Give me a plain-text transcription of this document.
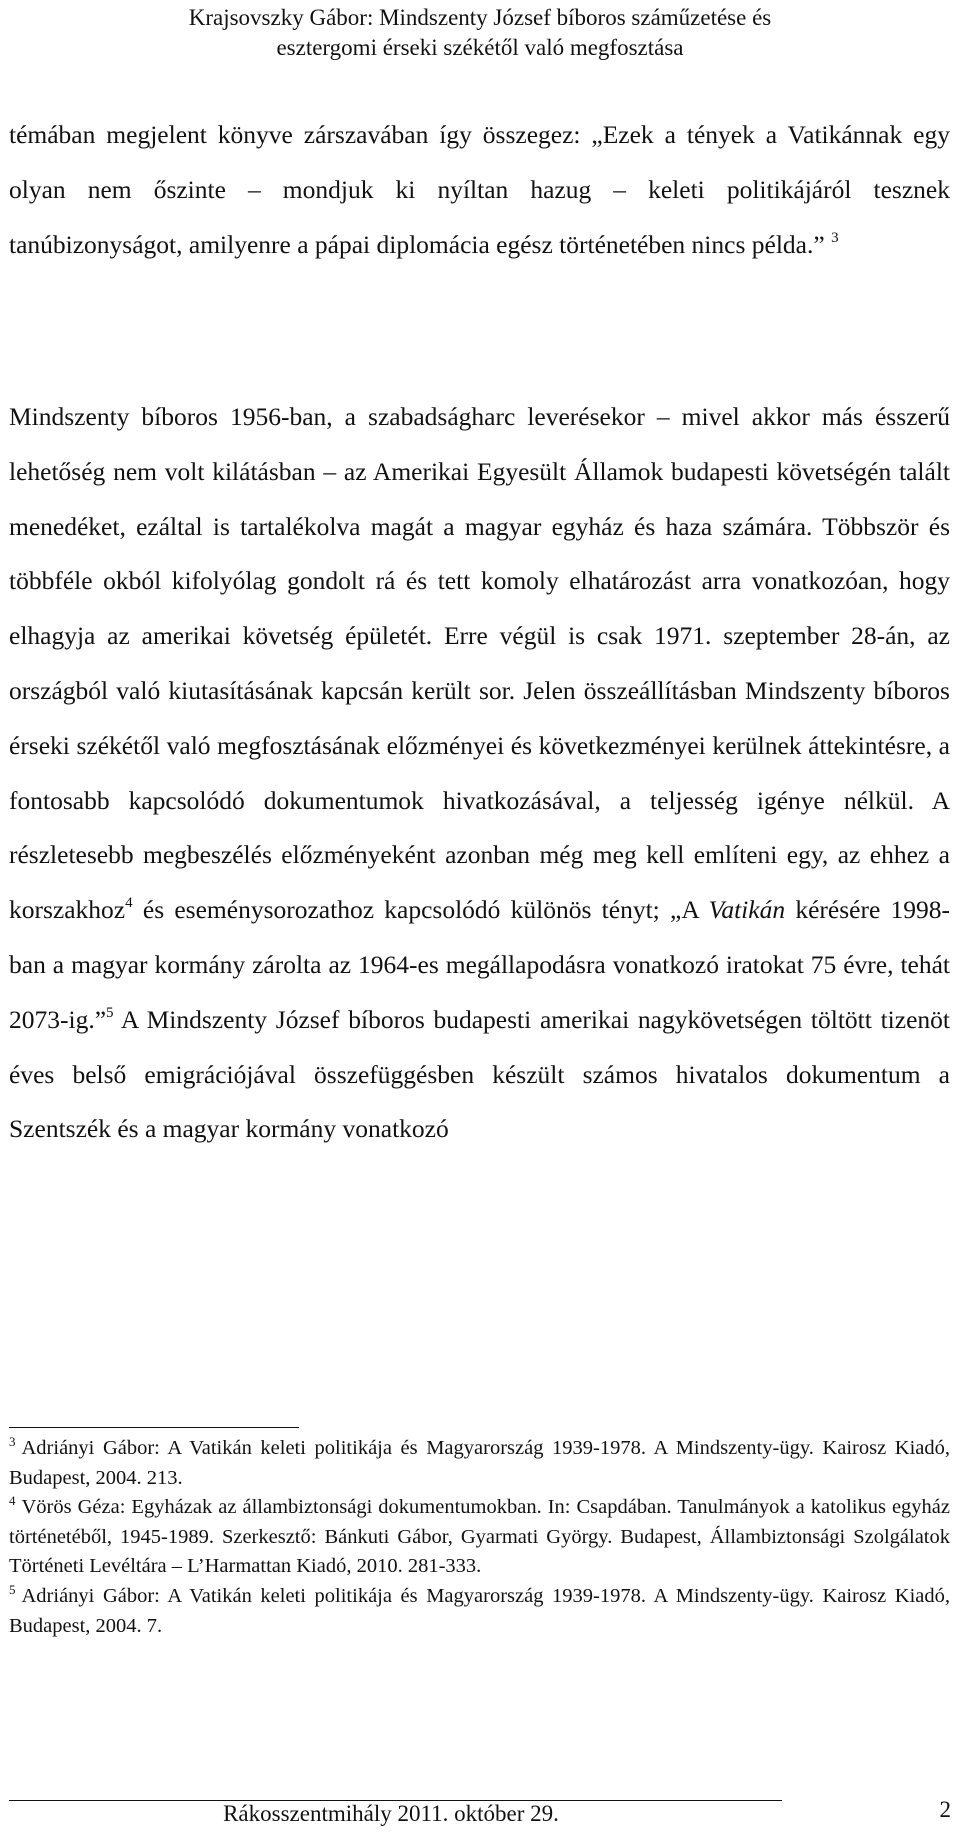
Krajsovszky Gábor: Mindszenty József bíboros száműzetése és
esztergomi érseki székétől való megfosztása
témában megjelent könyve zárszavában így összegez: „Ezek a tények a Vatikánnak egy olyan nem őszinte – mondjuk ki nyíltan hazug – keleti politikájáról tesznek tanúbizonyságot, amilyenre a pápai diplomácia egész történetében nincs példa.” $^3$
Mindszenty bíboros 1956-ban, a szabadságharc leverésekor – mivel akkor más ésszerű lehetőség nem volt kilátásban – az Amerikai Egyesült Államok budapesti követségén talált menedéket, ezáltal is tartalékolva magát a magyar egyház és haza számára. Többször és többféle okból kifolyólag gondolt rá és tett komoly elhatározást arra vonatkozóan, hogy elhagyja az amerikai követség épületét. Erre végül is csak 1971. szeptember 28-án, az országból való kiutasításának kapcsán került sor. Jelen összeállításban Mindszenty bíboros érseki székétől való megfosztásának előzményei és következményei kerülnek áttekintésre, a fontosabb kapcsolódó dokumentumok hivatkozásával, a teljesség igénye nélkül. A részletesebb megbeszélés előzményeként azonban még meg kell említeni egy, az ehhez a korszakhoz$^4$ és eseménysorozathoz kapcsolódó különös tényt; „A Vatikán kérésére 1998-ban a magyar kormány zárolta az 1964-es megállapodásra vonatkozó iratokat 75 évre, tehát 2073-ig.”$^5$ A Mindszenty József bíboros budapesti amerikai nagykövetségen töltött tizenöt éves belső emigrációjával összefüggésben készült számos hivatalos dokumentum a Szentszék és a magyar kormány vonatkozó

$^3$ Adriányi Gábor: A Vatikán keleti politikája és Magyarország 1939-1978. A Mindszenty-ügy. Kairosz Kiadó, Budapest, 2004. 213.

$^4$ Vörös Géza: Egyházak az állambiztonsági dokumentumokban. In: Csapdában. Tanulmányok a katolikus egyház történetéből, 1945-1989. Szerkesztő: Bánkuti Gábor, Gyarmati György. Budapest, Állambiztonsági Szolgálatok Történeti Levéltára – L’Harmattan Kiadó, 2010. 281-333.

$^5$ Adriányi Gábor: A Vatikán keleti politikája és Magyarország 1939-1978. A Mindszenty-ügy. Kairosz Kiadó, Budapest, 2004. 7.

Rákosszentmihály 2011. október 29.	2
